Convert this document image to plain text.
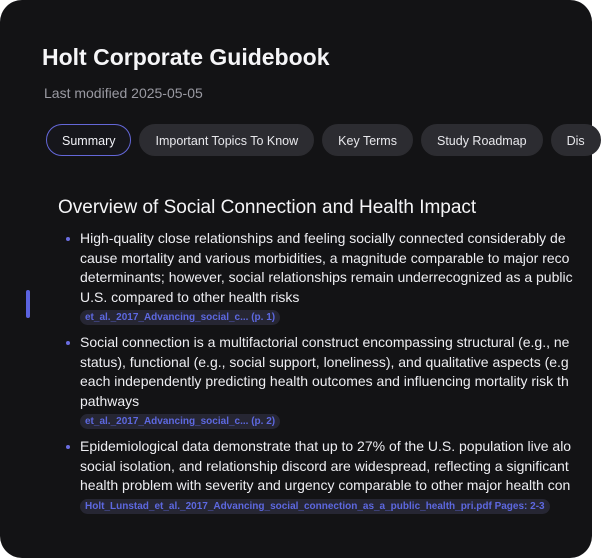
Holt Corporate Guidebook
Last modified 2025-05-05
Summary	Important Topics To Know	Key Terms	Study Roadmap	Dis
Overview of Social Connection and Health Impact
High-quality close relationships and feeling socially connected considerably de
cause mortality and various morbidities, a magnitude comparable to major reco
determinants; however, social relationships remain underrecognized as a public
U.S. compared to other health risks
et_al._2017_Advancing_social_c... (p. 1)
Social connection is a multifactorial construct encompassing structural (e.g., ne
status), functional (e.g., social support, loneliness), and qualitative aspects (e.g
each independently predicting health outcomes and influencing mortality risk th
pathways
et_al._2017_Advancing_social_c... (p. 2)
Epidemiological data demonstrate that up to 27% of the U.S. population live alo
social isolation, and relationship discord are widespread, reflecting a significant
health problem with severity and urgency comparable to other major health con
Holt_Lunstad_et_al._2017_Advancing_social_connection_as_a_public_health_pri.pdf Pages: 2-3
